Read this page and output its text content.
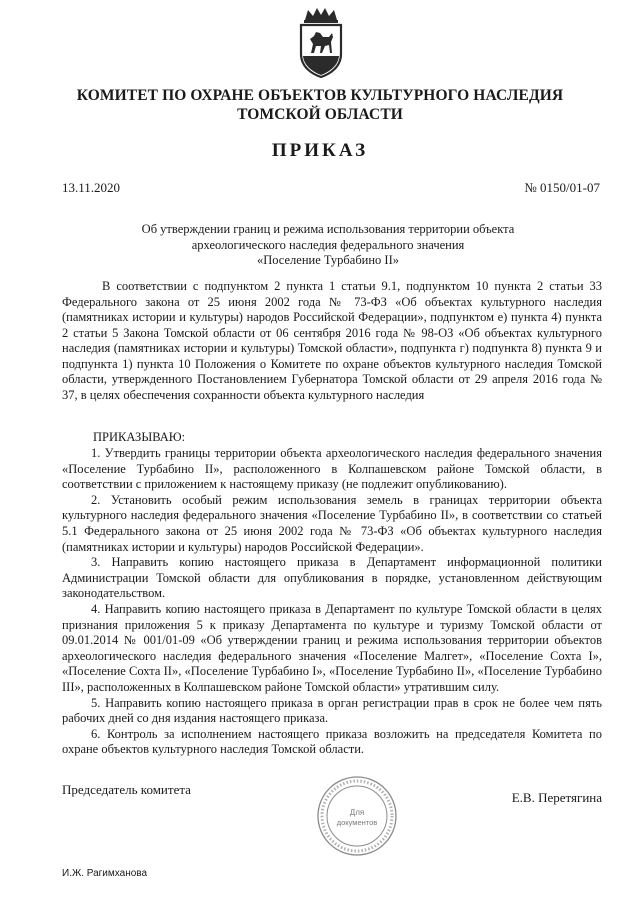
КОМИТЕТ ПО ОХРАНЕ ОБЪЕКТОВ КУЛЬТУРНОГО НАСЛЕДИЯ
ТОМСКОЙ ОБЛАСТИ
ПРИКАЗ
13.11.2020	№ 0150/01-07
Об утверждении границ и режима использования территории объекта
археологического наследия федерального значения
«Поселение Турбабино II»

В соответствии с подпунктом 2 пункта 1 статьи 9.1, подпунктом 10 пункта 2 статьи 33 Федерального закона от 25 июня 2002 года № 73-ФЗ «Об объектах культурного наследия (памятниках истории и культуры) народов Российской Федерации», подпунктом е) пункта 4) пункта 2 статьи 5 Закона Томской области от 06 сентября 2016 года № 98-ОЗ «Об объектах культурного наследия (памятниках истории и культуры) Томской области», подпункта г) подпункта 8) пункта 9 и подпункта 1) пункта 10 Положения о Комитете по охране объектов культурного наследия Томской области, утвержденного Постановлением Губернатора Томской области от 29 апреля 2016 года № 37, в целях обеспечения сохранности объекта культурного наследия

ПРИКАЗЫВАЮ:
1. Утвердить границы территории объекта археологического наследия федерального значения «Поселение Турбабино II», расположенного в Колпашевском районе Томской области, в соответствии с приложением к настоящему приказу (не подлежит опубликованию).
2. Установить особый режим использования земель в границах территории объекта культурного наследия федерального значения «Поселение Турбабино II», в соответствии со статьей 5.1 Федерального закона от 25 июня 2002 года № 73-ФЗ «Об объектах культурного наследия (памятниках истории и культуры) народов Российской Федерации».
3. Направить копию настоящего приказа в Департамент информационной политики Администрации Томской области для опубликования в порядке, установленном действующим законодательством.
4. Направить копию настоящего приказа в Департамент по культуре Томской области в целях признания приложения 5 к приказу Департамента по культуре и туризму Томской области от 09.01.2014 № 001/01-09 «Об утверждении границ и режима использования территории объектов археологического наследия федерального значения «Поселение Малгет», «Поселение Сохта I», «Поселение Сохта II», «Поселение Турбабино I», «Поселение Турбабино II», «Поселение Турбабино III», расположенных в Колпашевском районе Томской области» утратившим силу.
5. Направить копию настоящего приказа в орган регистрации прав в срок не более чем пять рабочих дней со дня издания настоящего приказа.
6. Контроль за исполнением настоящего приказа возложить на председателя Комитета по охране объектов культурного наследия Томской области.
Председатель комитета
Для
документов
Е.В. Перетягина
И.Ж. Рагимханова
